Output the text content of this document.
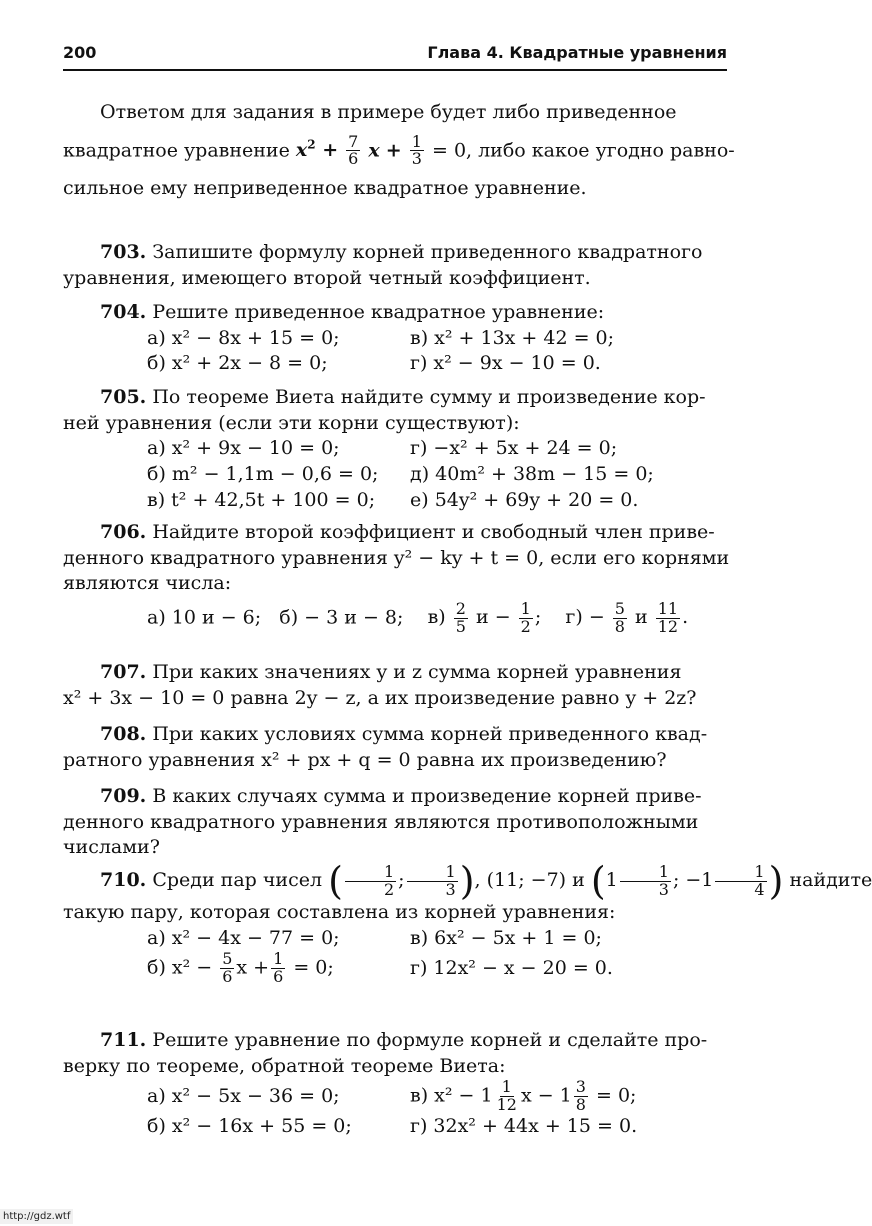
200	Глава 4. Квадратные уравнения
Ответом для задания в примере будет либо приведенное
квадратное уравнение $x^2 + \frac{7}{6}$ $x + \frac{1}{3} = 0$, либо какое угодно равно-
сильное ему неприведенное квадратное уравнение.
703. Запишите формулу корней приведенного квадратного
уравнения, имеющего второй четный коэффициент.
704. Решите приведенное квадратное уравнение:
а) x² − 8x + 15 = 0;	в) x² + 13x + 42 = 0;
б) x² + 2x − 8 = 0;	г) x² − 9x − 10 = 0.
705. По теореме Виета найдите сумму и произведение кор-
ней уравнения (если эти корни существуют):
а) x² + 9x − 10 = 0;	г) −x² + 5x + 24 = 0;
б) m² − 1,1m − 0,6 = 0;	д) 40m² + 38m − 15 = 0;
в) t² + 42,5t + 100 = 0;	е) 54y² + 69y + 20 = 0.
706. Найдите второй коэффициент и свободный член приве-
денного квадратного уравнения y² − ky + t = 0, если его корнями
являются числа:
а) 10 и − 6; б) − 3 и − 8; $в) \frac{2}{5}$ $и - \frac{1}{2}$ ; $г) - \frac{5}{8}$ и $\frac{11}{12}$ .
707. При каких значениях y и z сумма корней уравнения
x² + 3x − 10 = 0 равна 2y − z, а их произведение равно y + 2z?
708. При каких условиях сумма корней приведенного квад-
ратного уравнения x² + px + q = 0 равна их произведению?
709. В каких случаях сумма и произведение корней приве-
денного квадратного уравнения являются противоположными
числами?
710. Среди пар чисел ( $\frac{1}{2}$ ; $\frac{1}{3}$ ), (11; −7) и ($1 \frac{1}{3}$ ; $-1 \frac{1}{4}$ ) найдите
такую пару, которая составлена из корней уравнения:
а) x² − 4x − 77 = 0;	в) 6x² − 5x + 1 = 0;
б) $x^2 - \frac{5}{6}$ $x + \frac{1}{6} = 0$;	г) 12x² − x − 20 = 0.
711. Решите уравнение по формуле корней и сделайте про-
верку по теореме, обратной теореме Виета:
а) x² − 5x − 36 = 0;	в) $x^2 - 1 \frac{1}{12}$ $x - 1 \frac{3}{8} = 0$;
б) x² − 16x + 55 = 0;	г) 32x² + 44x + 15 = 0.
http://gdz.wtf
